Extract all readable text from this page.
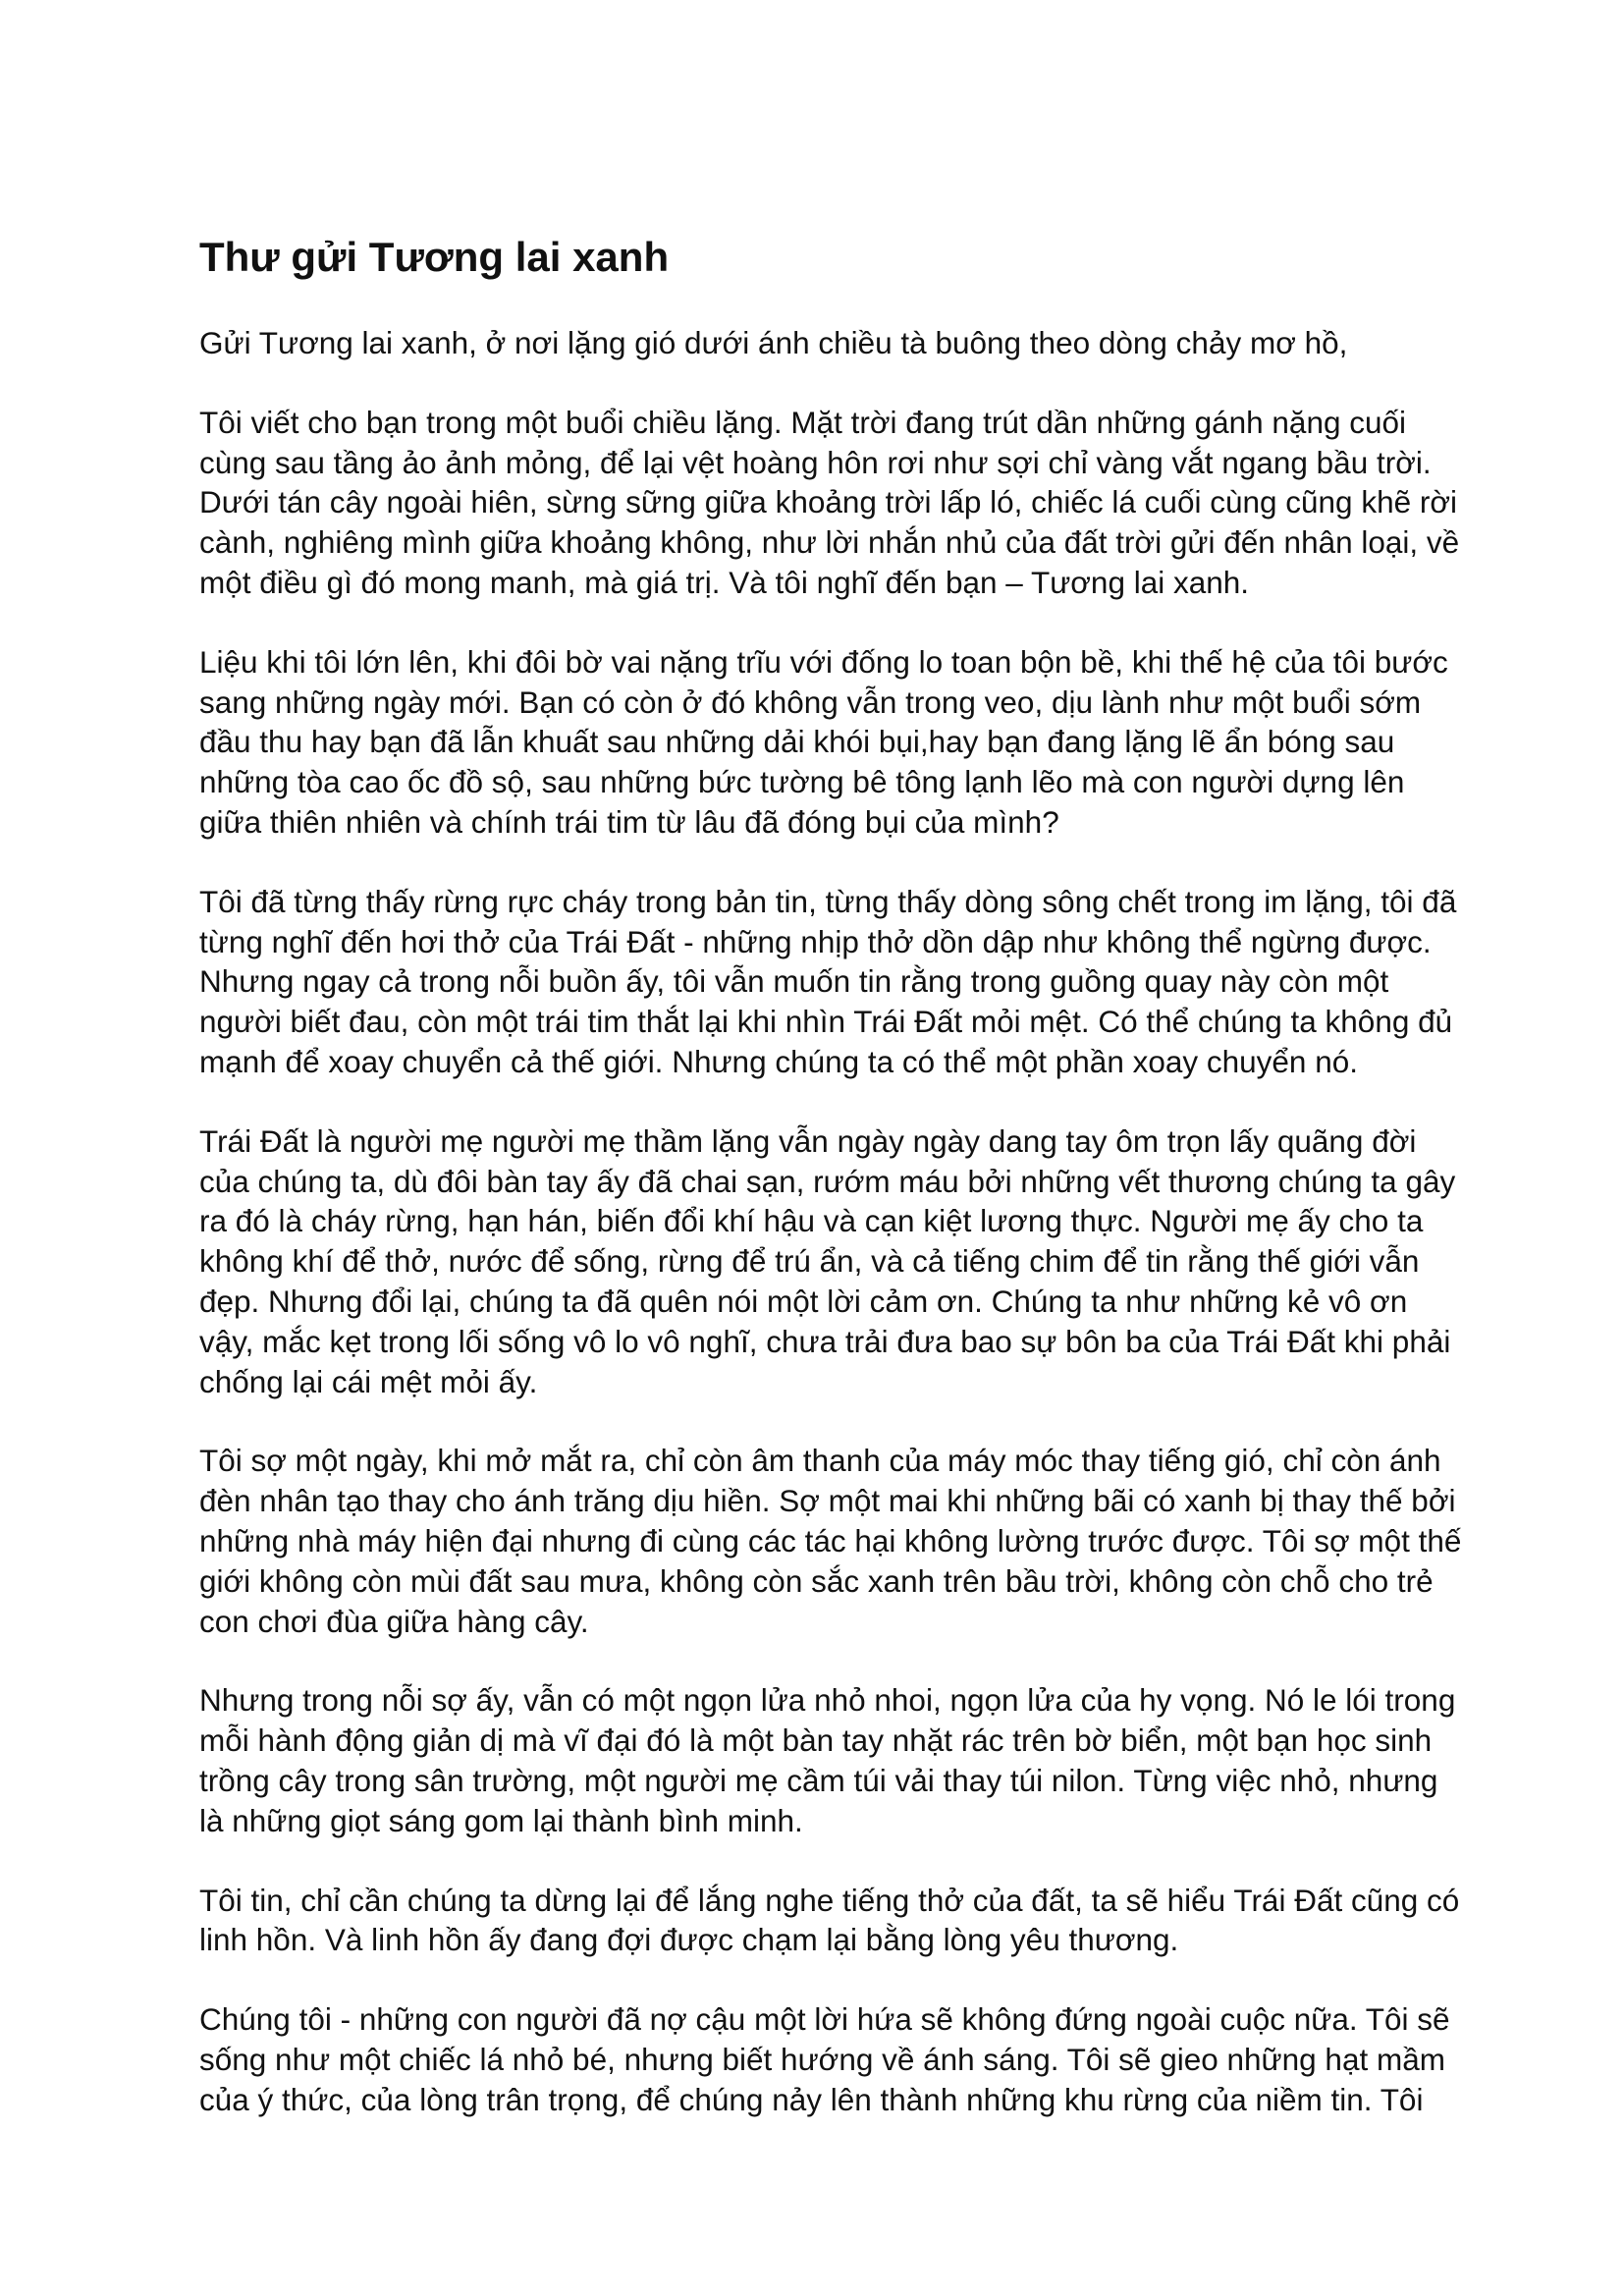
Thư gửi Tương lai xanh

Gửi Tương lai xanh, ở nơi lặng gió dưới ánh chiều tà buông theo dòng chảy mơ hồ,

Tôi viết cho bạn trong một buổi chiều lặng. Mặt trời đang trút dần những gánh nặng cuối
cùng sau tầng ảo ảnh mỏng, để lại vệt hoàng hôn rơi như sợi chỉ vàng vắt ngang bầu trời.
Dưới tán cây ngoài hiên, sừng sững giữa khoảng trời lấp ló, chiếc lá cuối cùng cũng khẽ rời
cành, nghiêng mình giữa khoảng không, như lời nhắn nhủ của đất trời gửi đến nhân loại, về
một điều gì đó mong manh, mà giá trị. Và tôi nghĩ đến bạn – Tương lai xanh.

Liệu khi tôi lớn lên, khi đôi bờ vai nặng trĩu với đống lo toan bộn bề, khi thế hệ của tôi bước
sang những ngày mới. Bạn có còn ở đó không vẫn trong veo, dịu lành như một buổi sớm
đầu thu hay bạn đã lẫn khuất sau những dải khói bụi,hay bạn đang lặng lẽ ẩn bóng sau
những tòa cao ốc đồ sộ, sau những bức tường bê tông lạnh lẽo mà con người dựng lên
giữa thiên nhiên và chính trái tim từ lâu đã đóng bụi của mình?

Tôi đã từng thấy rừng rực cháy trong bản tin, từng thấy dòng sông chết trong im lặng, tôi đã
từng nghĩ đến hơi thở của Trái Đất - những nhịp thở dồn dập như không thể ngừng được.
Nhưng ngay cả trong nỗi buồn ấy, tôi vẫn muốn tin rằng trong guồng quay này còn một
người biết đau, còn một trái tim thắt lại khi nhìn Trái Đất mỏi mệt. Có thể chúng ta không đủ
mạnh để xoay chuyển cả thế giới. Nhưng chúng ta có thể một phần xoay chuyển nó.

Trái Đất là người mẹ người mẹ thầm lặng vẫn ngày ngày dang tay ôm trọn lấy quãng đời
của chúng ta, dù đôi bàn tay ấy đã chai sạn, rướm máu bởi những vết thương chúng ta gây
ra đó là cháy rừng, hạn hán, biến đổi khí hậu và cạn kiệt lương thực. Người mẹ ấy cho ta
không khí để thở, nước để sống, rừng để trú ẩn, và cả tiếng chim để tin rằng thế giới vẫn
đẹp. Nhưng đổi lại, chúng ta đã quên nói một lời cảm ơn. Chúng ta như những kẻ vô ơn
vậy, mắc kẹt trong lối sống vô lo vô nghĩ, chưa trải đưa bao sự bôn ba của Trái Đất khi phải
chống lại cái mệt mỏi ấy.

Tôi sợ một ngày, khi mở mắt ra, chỉ còn âm thanh của máy móc thay tiếng gió, chỉ còn ánh
đèn nhân tạo thay cho ánh trăng dịu hiền. Sợ một mai khi những bãi có xanh bị thay thế bởi
những nhà máy hiện đại nhưng đi cùng các tác hại không lường trước được. Tôi sợ một thế
giới không còn mùi đất sau mưa, không còn sắc xanh trên bầu trời, không còn chỗ cho trẻ
con chơi đùa giữa hàng cây.

Nhưng trong nỗi sợ ấy, vẫn có một ngọn lửa nhỏ nhoi, ngọn lửa của hy vọng. Nó le lói trong
mỗi hành động giản dị mà vĩ đại đó là một bàn tay nhặt rác trên bờ biển, một bạn học sinh
trồng cây trong sân trường, một người mẹ cầm túi vải thay túi nilon. Từng việc nhỏ, nhưng
là những giọt sáng gom lại thành bình minh.

Tôi tin, chỉ cần chúng ta dừng lại để lắng nghe tiếng thở của đất, ta sẽ hiểu Trái Đất cũng có
linh hồn. Và linh hồn ấy đang đợi được chạm lại bằng lòng yêu thương.

Chúng tôi - những con người đã nợ cậu một lời hứa sẽ không đứng ngoài cuộc nữa. Tôi sẽ
sống như một chiếc lá nhỏ bé, nhưng biết hướng về ánh sáng. Tôi sẽ gieo những hạt mầm
của ý thức, của lòng trân trọng, để chúng nảy lên thành những khu rừng của niềm tin. Tôi
